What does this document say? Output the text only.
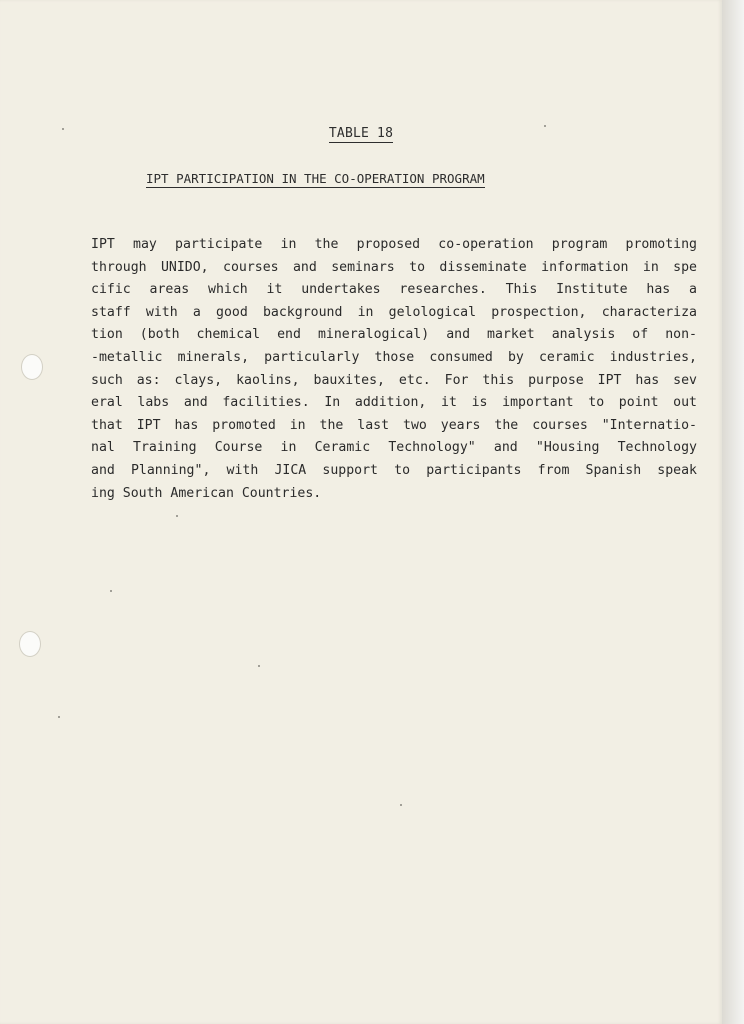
TABLE 18
IPT PARTICIPATION IN THE CO-OPERATION PROGRAM
IPT may participate in the proposed co-operation program promoting
through UNIDO, courses and seminars to disseminate information in spe
cific areas which it undertakes researches. This Institute has a
staff with a good background in gelological prospection, characteriza
tion (both chemical end mineralogical) and market analysis of non-
-metallic minerals, particularly those consumed by ceramic industries,
such as: clays, kaolins, bauxites, etc. For this purpose IPT has sev
eral labs and facilities. In addition, it is important to point out
that IPT has promoted in the last two years the courses "Internatio-
nal Training Course in Ceramic Technology" and "Housing Technology
and Planning", with JICA support to participants from Spanish speak
ing South American Countries.
